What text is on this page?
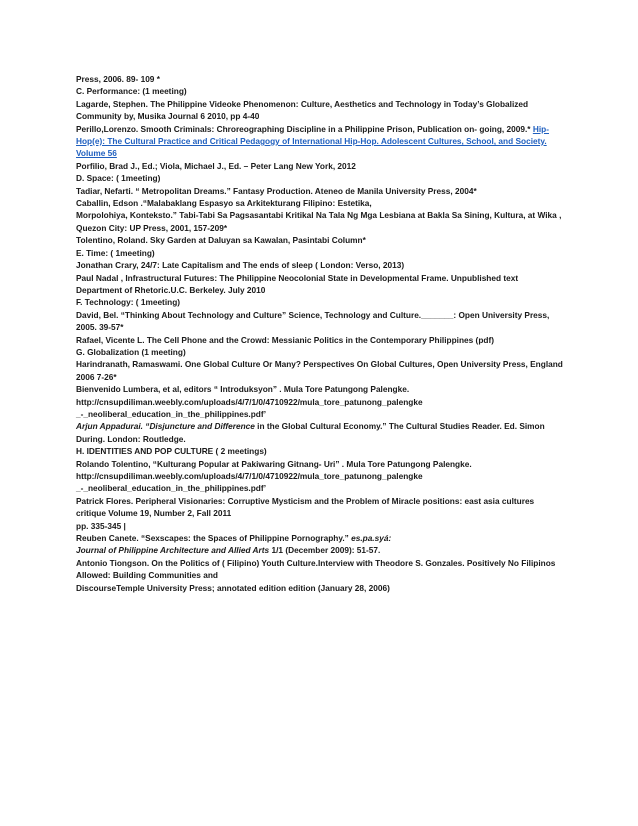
Press, 2006. 89- 109 *
C. Performance: (1 meeting)
Lagarde, Stephen. The Philippine Videoke Phenomenon: Culture, Aesthetics and Technology in Today’s Globalized Community by, Musika Journal 6 2010, pp 4-40
Perillo,Lorenzo. Smooth Criminals: Chroreographing Discipline in a Philippine Prison, Publication on- going, 2009.* Hip-Hop(e): The Cultural Practice and Critical Pedagogy of International Hip-Hop. Adolescent Cultures, School, and Society. Volume 56
Porfilio, Brad J., Ed.; Viola, Michael J., Ed. – Peter Lang New York, 2012
D. Space: ( 1meeting)
Tadiar, Nefarti. “ Metropolitan Dreams.” Fantasy Production. Ateneo de Manila University Press, 2004*
Caballin, Edson .“Malabaklang Espasyo sa Arkitekturang Filipino: Estetika,
Morpolohiya, Konteksto.” Tabi-Tabi Sa Pagsasantabi Kritikal Na Tala Ng Mga Lesbiana at Bakla Sa Sining, Kultura, at Wika , Quezon City: UP Press, 2001, 157-209*
Tolentino, Roland. Sky Garden at Daluyan sa Kawalan, Pasintabi Column*
E. Time: ( 1meeting)
Jonathan Crary, 24/7: Late Capitalism and The ends of sleep ( London: Verso, 2013)
Paul Nadal , Infrastructural Futures: The Philippine Neocolonial State in Developmental Frame. Unpublished text Department of Rhetoric.U.C. Berkeley. July 2010
F. Technology: ( 1meeting)
David, Bel. “Thinking About Technology and Culture” Science, Technology and Culture._______: Open University Press, 2005. 39-57*
Rafael, Vicente L. The Cell Phone and the Crowd: Messianic Politics in the Contemporary Philippines (pdf)
G. Globalization (1 meeting)
Harindranath, Ramaswami. One Global Culture Or Many? Perspectives On Global Cultures, Open University Press, England 2006 7-26*
Bienvenido Lumbera, et al, editors “ Introduksyon” . Mula Tore Patungong Palengke.
http://cnsupdiliman.weebly.com/uploads/4/7/1/0/4710922/mula_tore_patunong_palengke
_-_neoliberal_education_in_the_philippines.pdf’
Arjun Appadurai. “Disjuncture and Difference in the Global Cultural Economy.” The Cultural Studies Reader. Ed. Simon During. London: Routledge.
H. IDENTITIES AND POP CULTURE ( 2 meetings)
Rolando Tolentino, “Kulturang Popular at Pakiwaring Gitnang- Uri” . Mula Tore Patungong Palengke.
http://cnsupdiliman.weebly.com/uploads/4/7/1/0/4710922/mula_tore_patunong_palengke
_-_neoliberal_education_in_the_philippines.pdf’
Patrick Flores. Peripheral Visionaries: Corruptive Mysticism and the Problem of Miracle positions: east asia cultures critique Volume 19, Number 2, Fall 2011
pp. 335-345 |
Reuben Canete. “Sexscapes: the Spaces of Philippine Pornography.” es.pa.syá:
Journal of Philippine Architecture and Allied Arts 1/1 (December 2009): 51-57.
Antonio Tiongson. On the Politics of ( Filipino) Youth Culture.Interview with Theodore S. Gonzales. Positively No Filipinos Allowed: Building Communities and
DiscourseTemple University Press; annotated edition edition (January 28, 2006)
